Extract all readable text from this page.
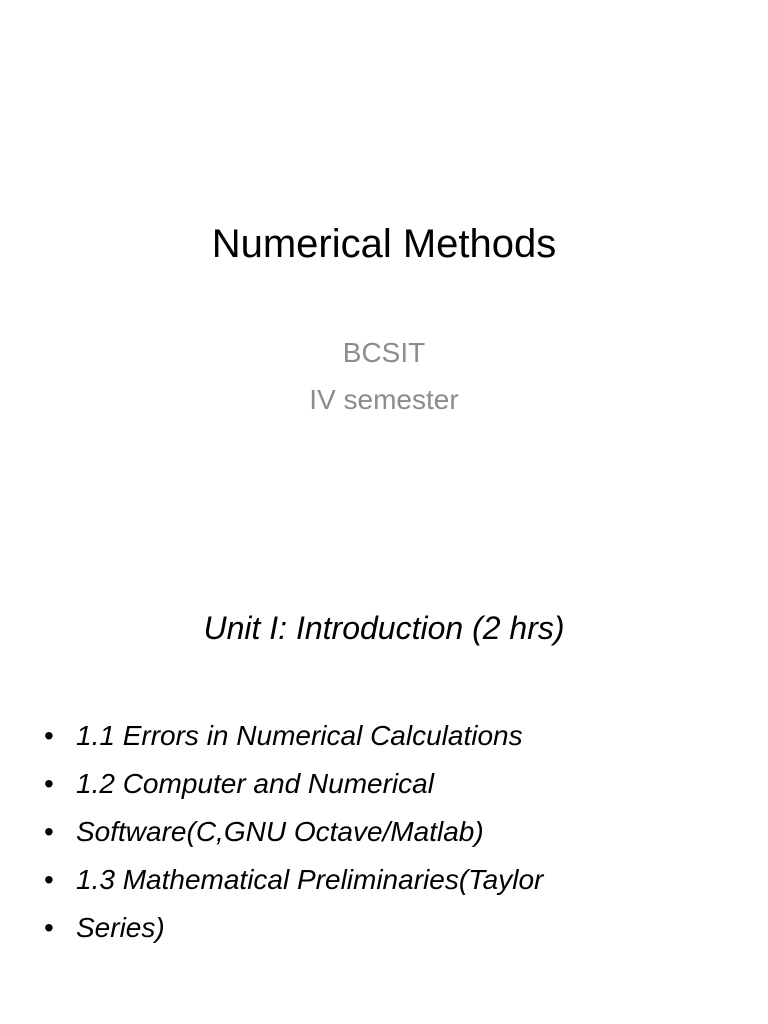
Numerical Methods
BCSIT
IV semester
Unit I: Introduction (2 hrs)
• 1.1 Errors in Numerical Calculations
• 1.2 Computer and Numerical
• Software(C,GNU Octave/Matlab)
• 1.3 Mathematical Preliminaries(Taylor
• Series)
